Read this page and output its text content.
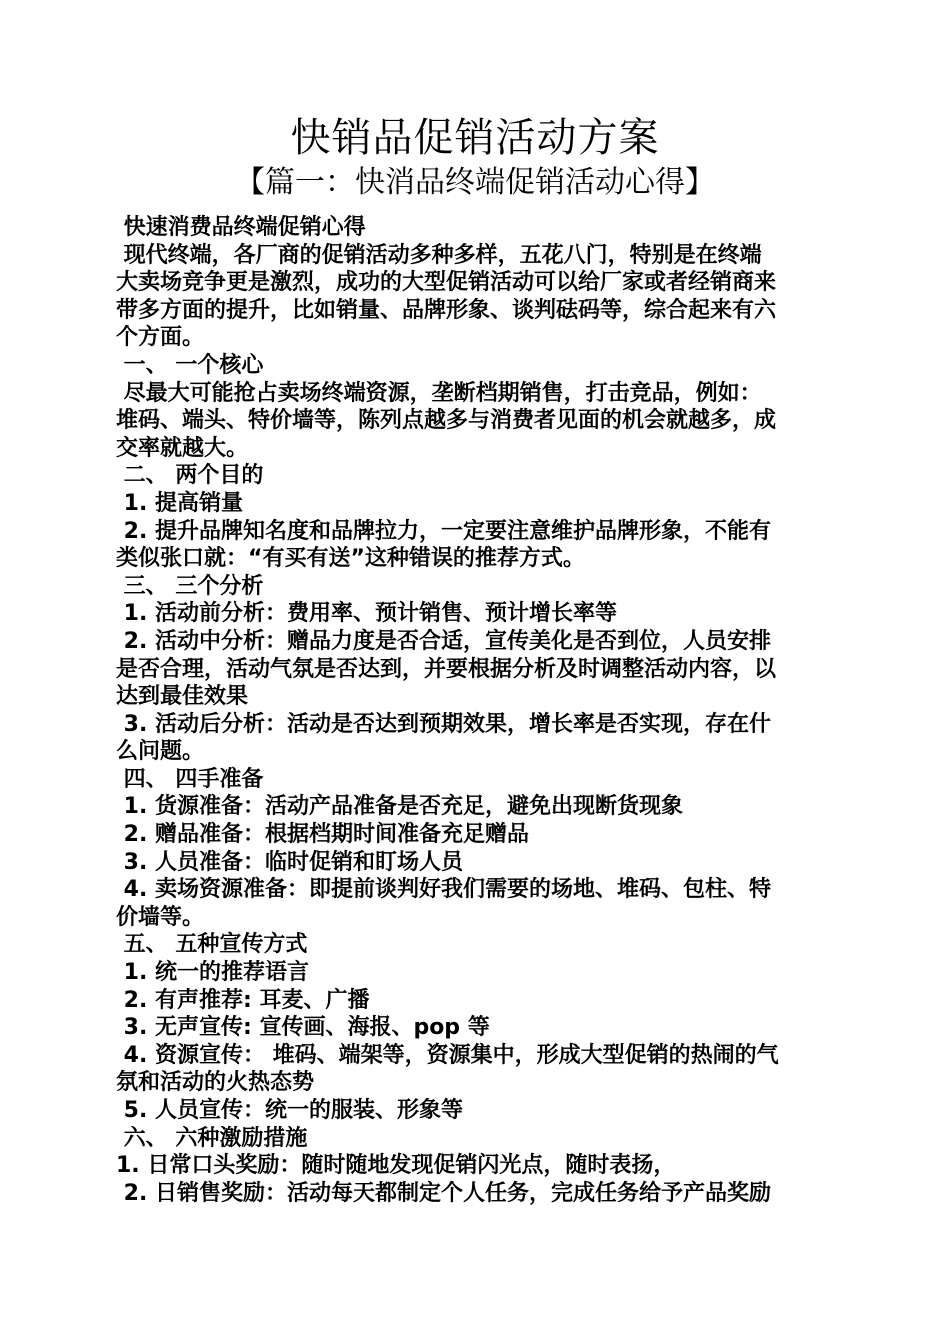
快销品促销活动方案
【篇一：快消品终端促销活动心得】
快速消费品终端促销心得
现代终端，各厂商的促销活动多种多样，五花八门，特别是在终端
大卖场竞争更是激烈，成功的大型促销活动可以给厂家或者经销商来
带多方面的提升，比如销量、品牌形象、谈判砝码等，综合起来有六
个方面。
一、 一个核心
尽最大可能抢占卖场终端资源，垄断档期销售，打击竞品，例如：
堆码、端头、特价墙等，陈列点越多与消费者见面的机会就越多，成
交率就越大。
二、 两个目的
1. 提高销量
2. 提升品牌知名度和品牌拉力，一定要注意维护品牌形象，不能有
类似张口就：“有买有送”这种错误的推荐方式。
三、 三个分析
1. 活动前分析：费用率、预计销售、预计增长率等
2. 活动中分析：赠品力度是否合适，宣传美化是否到位，人员安排
是否合理，活动气氛是否达到，并要根据分析及时调整活动内容，以
达到最佳效果
3. 活动后分析：活动是否达到预期效果，增长率是否实现，存在什
么问题。
四、 四手准备
1. 货源准备：活动产品准备是否充足，避免出现断货现象
2. 赠品准备：根据档期时间准备充足赠品
3. 人员准备：临时促销和盯场人员
4. 卖场资源准备：即提前谈判好我们需要的场地、堆码、包柱、特
价墙等。
五、 五种宣传方式
1. 统一的推荐语言
2. 有声推荐: 耳麦、广播
3. 无声宣传: 宣传画、海报、pop 等
4. 资源宣传： 堆码、端架等，资源集中，形成大型促销的热闹的气
氛和活动的火热态势
5. 人员宣传：统一的服装、形象等
六、 六种激励措施
1. 日常口头奖励：随时随地发现促销闪光点，随时表扬，
2. 日销售奖励：活动每天都制定个人任务，完成任务给予产品奖励
